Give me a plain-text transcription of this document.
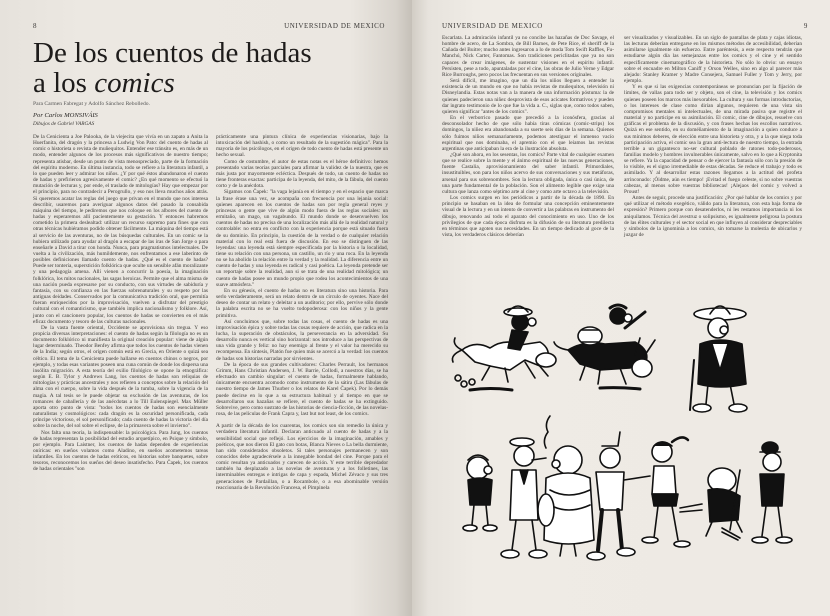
8	UNIVERSIDAD DE MEXICO
De los cuentos de hadas
a los comics
Para Carmen Fabregat y Adolfo Sánchez Rebolledo.
Por Carlos MONSIVÁIS
Dibujos de Gabriel VARGAS

De la Cenicienta a Joe Palooka, de la viejecita que vivía en un zapato a Anita la Huerfanita, del dragón y la princesa a Ludwig Von Pato: del cuento de hadas al comic o historieta o revista de muñequitos. Entender ese tránsito es, en más de un modo, entender algunos de los procesos más significativos de nuestro tiempo; representa atisbar, desde un punto de vista menospreciado, parte de la formación del espíritu moderno. En última instancia, todo se refiere a la literatura infantil, a lo que pueden leer y admirar los niños. ¿Y por qué éstos abandonaron el cuento de hadas y prefirieron agresivamente el comic? ¿En qué momento se efectuó la mutación de lecturas y, por ende, el traslado de mitologías? Hay que empezar por el principio, para no contradecir a Perogrullo, y eso nos lleva muchos años atrás. Si queremos acatar las reglas del juego que privan en el mundo que nos interesa describir, usaremos para averiguar algunos datos del pasado la consabida máquina del tiempo, le pediremos que nos coloque en los albores del cuento de hadas y esperaremos allí pacientemente su gestación. Y entonces habremos cometido la primera deslealtad: utilizar un recurso supremo para fines que con otras técnicas hubiéramos podido obtener fácilmente. La máquina del tiempo está al servicio de las aventuras, no de las búsquedas culturales. En un comic se la hubiera utilizado para ayudar al dragón a escapar de las iras de San Jorge o para enseñarle a David a tirar con honda. Nunca, para pragmatismos intelectuales. De vuelta a la civilización, más humildemente, nos enfrentamos a ese laberinto de posibles definiciones llamado cuento de hadas. ¿Qué es el cuento de hadas? Puede ser tontería, superstición folklórica que oculte un sensible afán moralizante y una pedagogía amena. Allí vienen a concurrir la poesía, la imaginación folklórica, los mitos nacionales, las sagas heroicas. Permite que el alma misma de una nación pueda expresarse por su conducto, con sus virtudes de sabiduría y fantasía, con su confianza en las fuerzas sobrenaturales y su respeto por las antiguas deidades. Conservados por la comunicativa tradición oral, que permitía fueran enriquecidos por la improvisación, vuelven a disfrutar del prestigio cultural con el romanticismo, que también implica nacionalismo y folklore. Así, junto con el cancionero popular, los cuentos de hadas se convierten en el más eficaz documento y tesoro de las culturas nacionales.

De la vasta fuente oriental, Occidente se aprovisiona sin tregua. Y eso propicia diversas interpretaciones: el cuento de hadas según la filología no es un documento folklórico ni manifiesta la original creación popular: viene de algún lugar determinado. Theodor Benfey afirma que todos los cuentos de hadas vienen de la India; según otros, el origen común está en Grecia, en Oriente o quizá sea céltico. El tema de la Cenicienta puede hallarse en cuentos chinos o negros, por ejemplo, y todas esas variantes poseen una cuna común de donde los dispersa una insólita migración. A esta teoría del exilio filológico se opone la etnográfica: según E. B. Tylor y Andrews Lang, los cuentos de hadas son reliquias de mitologías y prácticas ancestrales y nos refieren a conceptos sobre la relación del alma con el cuerpo, sobre la vida después de la tumba, sobre la vigencia de la magia. A tal tesis se le puede objetar su exclusión de las aventuras, de los romances de caballería y de las anécdotas a lo Till Eulenspiegel. Max Müller aporta otro punto de vista: "todos los cuentos de hadas son esencialmente naturalistas y cosmológicos: cada dragón es la oscuridad personificada, cada príncipe victorioso, el sol personificado; cada cuento de hadas la victoria del día sobre la noche, del sol sobre el eclipse, de la primavera sobre el invierno".

Nos falta una teoría, la indispensable: la psicológica. Para Jung, los cuentos de hadas representan la posibilidad del estudio arquetípico, en Psique y símbolo, por ejemplo. Para Laistner, los cuentos de hadas dependen de experiencias oníricas: en sueños volamos como Aladino, en sueños acometemos tareas infantiles. En los cuentos de hadas eróticos, en historias sobre banquetes, sobre tesoros, reconocemos los sueños del deseo insatisfecho. Para Čapek, los cuentos de hadas orientales "son

prácticamente una pintura clínica de experiencias visionarias, bajo la intoxicación del hashish, o como un resultado de la sugestión mágica". Para la mayoría de los psicólogos, en el origen de todo cuento de hadas está presente un hecho sexual.

Como de costumbre, el autor de estas notas es el héroe definitivo: hemos presentado varias teorías parciales para afirmar la validez de la nuestra, que es más justa por mayormente ecléctica. Después de todo, un cuento de hadas no tiene fronteras exactas: participa de la leyenda, del mito, de la fábula, del cuento corto y de la anécdota.

Sigamos con Čapek: "la vaga lejanía en el tiempo y en el espacio que marca la frase érase una vez, se acompaña con frecuencia por una lejanía social: quienes aparecen en los cuentos de hadas son por regla general reyes y princesas o gente que vive de algún modo fuera de las reglas sociales: un ermitaño, un mago, un vagabundo. El mundo donde se desenvuelven los cuentos de hadas no precisa de una localización más allá de la realidad natural y controlable: no entra en conflicto con la experiencia porque está situado fuera de su dominio. En principio, la cuestión de la verdad o de cualquier relación material con lo real está fuera de discusión. En eso se distinguen de las leyendas: una leyenda está siempre especificada por la historia o la localidad, tiene su relación con una persona, un castillo, un río y una roca. En la leyenda no se ha abolido la relación entre la verdad y la realidad. La diferencia entre un cuento de hadas y una leyenda es radical y casi poética. La leyenda pretende ser un reportaje sobre la realidad, aun si se trata de una realidad mitológica; un cuento de hadas posee un mundo propio que rodea los acontecimientos de una suave atmósfera."

En su génesis, el cuento de hadas no es literatura sino una historia. Para serlo verdaderamente, será un relato dentro de un círculo de oyentes. Nace del deseo de contar un relato y deleitar a un auditorio; por ello, pervive sólo donde la palabra escrita no se ha vuelto todopoderosa: con los niños y la gente primitiva.

Así concluimos que, sobre todas las cosas, el cuento de hadas es una improvisación épica y sobre todas las cosas requiere de acción, que radica en la lucha, la superación de obstáculos, la perseverancia en la adversidad. Su desarrollo nunca es vertical sino horizontal: nos introduce a las perspectivas de una vida grande y feliz: no hay enemigo al frente y el valor ha merecido su recompensa. En síntesis, Platón fue quien más se acercó a la verdad: los cuentos de hadas son historias narradas por sirvientes.

De la época de sus grandes cultivadores: Charles Perrault, los hermanos Grimm, Hans Christian Andersen, J. W. Barrie, Collodi, a nuestros días, se ha efectuado un cambio singular: el cuento de hadas, formalmente hablando, únicamente encuentra acomodo como instrumento de la sátira (Las fábulas de nuestro tiempo de James Thurber o los relatos de Karel Čapek). Por lo demás puede decirse en lo que a su estructura habitual y al tiempo en que se desarrollaron sus hazañas se refiere, el cuento de hadas se ha extinguido. Sobrevive, pero como sustrato de las historias de ciencia-ficción, de las novelas-rosa, de las películas de Frank Capra y, last but not least, de los comics.

A partir de la década de los cuarentas, los comics son sin remedio la única y verdadera literatura infantil. Declaran anticuado al cuento de hadas y a la sensibilidad social que reflejó. Los ejercicios de la imaginación, amables y poéticos, que nos dieron El gato con botas, Blanca Nieves o La bella durmiente, han sido considerados obsoletos. Si tales personajes permanecen y son conocidos debe agradecérsele a la innegable bondad del cine. Porque para el comic resultan ya anticuados y carecen de acción. Y este terrible depredador también ha desplazado a las novelas de aventuras y a los folletines, las interminables entregas e intrigas de capa y espada, Michel Zévaco y sus tres generaciones de Pardaillan, o a Rocambole, o a esa abominable versión reaccionaria de la Revolución Francesa, el Pimpinela

UNIVERSIDAD DE MEXICO	9

Escarlata. La admiración infantil ya no concibe las hazañas de Doc Savage, el hombre de acero, de La Sombra, de Bill Barnes, de Pete Rice, el sheriff de la Cañada del Buitre; mucho antes ingresaron a lo de moda Tom Swift Raffles, Fu-Manchú, Nick Carter, Fantomas. Son tradiciones periclitadas que ya no son capaces de crear imágenes, de sustentar visiones en el espíritu infantil. Persisten, pese a todo, apuntaladas por el cine, las obras de Julio Verne y Edgar Rice Burroughs, pero pocos las frecuentan en sus versiones originales.

Será difícil, me imagino, que un día los niños lleguen a entender la existencia de un mundo en que no había revistas de muñequitos, televisión ni Disneylandia. Estas notas van a la manera de una información póstuma: la de quienes padecieron una niñez desprovista de esos acicates formativos y pueden dar ingrato testimonio de lo que fue la vida a. C., siglas que, como todos saben, quieren significar "antes de los comics".

En el verborrico pasado que precedió a la iconósfera, gracias al desconsolador hecho de que sólo había tiras cómicas (comic-strips) los domingos, la niñez era abandonada a su suerte seis días de la semana. Quienes sólo fuimos niños semanariamente, podemos atestiguar el inmenso vacío espiritual que nos dominaba, el apremio con el que leíamos las revistas argentinas que anticipaban la era de la ilustración absoluta.

¿Qué son ahora, en los sesentas, los comics? Parte vital de cualquier examen que se realice sobre la mente y el ánimo espiritual de las nuevas generaciones, fuente Castalia, aprovisionamiento del saber infantil. Primordiales, insustituibles, son para los niños acervo de sus conversaciones y sus metáforas, arsenal para sus sobrenombres. Son la lectura obligada, única o casi única, de una parte fundamental de la población. Son el alimento legible que exige una cultura que lanza como séptimo arte al cine y como arte octavo a la televisión.

Los comics surgen en los periódicos a partir de la década de 1890. En principio se basaban en la idea de formular una concepción eminentemente visual de la lectura y en un intento de convertir a las palabras en instrumento del dibujo, renovando así todo el aparato del conocimiento en uso. Uno de los privilegios de que cada época disfruta es la difusión de su literatura predilecta en términos que agoten sus necesidades. En un tiempo dedicado al goce de la vista, los verdaderos clásicos deberían

ser visualizados y visualizables. En un siglo de pantallas de plata y cajas idiotas, las lecturas deberían entregarse en los mismos métodos de accesibilidad, deberían asimilarse igualmente sin esfuerzo. Entre paréntesis, a este respecto tendrán que estudiarse algún día las semejanzas entre los comics y el cine y el sentido específicamente cinematográfico de la historieta. No sólo lo obvio: un ensayo sobre el encuadre en Milton Caniff y Orson Welles, sino en algo al parecer más alejado: Stanley Kramer y Madre Consejera, Samuel Fuller y Tom y Jerry, por ejemplo.

Y es que si las exigencias contemporáneas se pronuncian por la fijación de límites, de vallas para todo ser y objeto, son el cine, la televisión y los comics quienes poseen los marcos más inexorables. La cultura y sus formas introductorias, o los intereses de clase como dirían algunos, requieren de una vista sin compromisos mentales ni intelectuales, de una mirada pasiva que registre el material y no participe en su asimilación. El comic, cine de dibujos, resuelve con gráficas el problema de la discusión, y con frases hechas los escollos narrativos. Quizá en ese sentido, en su doméñamiento de la imaginación a quien conduce a sus mínimos deberes, de elección entre una historieta y otra, y a la que niega toda participación activa, el comic sea la gran anti-lectura de nuestro tiempo, la entrada terrible a un gigantesco no-ser cultural poblado de ratones todo-poderosos, familias modelo y hombres invulnerables únicamente, salvo en lo que a Kryptonita se refiere. Ya la capacidad de pensar o de ejercer la fantasía sólo con la presión de lo visible, es el signo irremediable de estas décadas. Se reduce el trabajo y todo es asimilado. Y al desarrollar estas razones llegamos a la actitud del profeta arrinconado: ¡Óidme, aún es tiempo! ¡Evitad el fuego celeste, si no sobre vuestras cabezas, al menos sobre vuestras bibliotecas! ¡Alejaos del comic y volved a Proust!

Antes de seguir, procede una justificación: ¿Por qué hablar de los comics y por qué utilizar el método exegético, válido para la literatura, con esta baja forma de expresión? Primero porque con desatenderlos, ni les restamos importancia ni los aniquilamos. Técnica del avestruz o solipsismo, es igualmente peligrosa la postura de las élites culturales y el sector social en que influyen al considerar despreciables y símbolos de la ignominia a los comics, sin tomarse la molestia de ubicarlos y juzgar de
